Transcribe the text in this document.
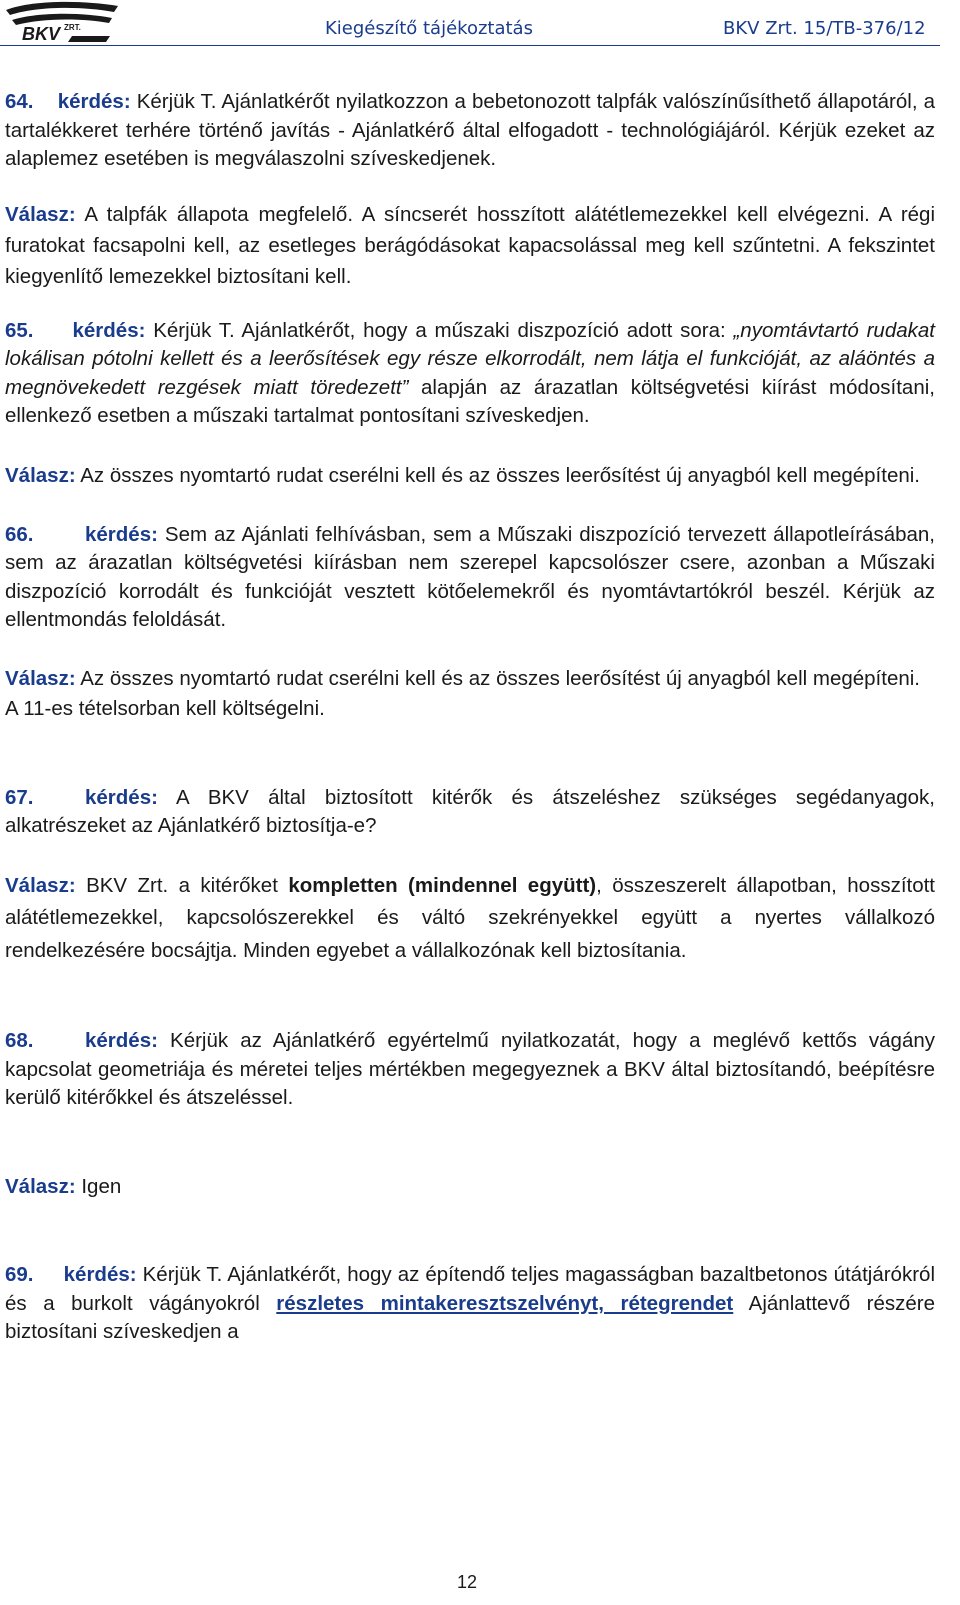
BKV ZRT.	Kiegészítő tájékoztatás	BKV Zrt. 15/TB-376/12

64. kérdés: Kérjük T. Ajánlatkérőt nyilatkozzon a bebetonozott talpfák valószínűsíthető állapotáról, a tartalékkeret terhére történő javítás - Ajánlatkérő által elfogadott - technológiájáról. Kérjük ezeket az alaplemez esetében is megválaszolni szíveskedjenek.

Válasz: A talpfák állapota megfelelő. A síncserét hosszított alátétlemezekkel kell elvégezni. A régi furatokat facsapolni kell, az esetleges berágódásokat kapacsolással meg kell szűntetni. A fekszintet kiegyenlítő lemezekkel biztosítani kell.

65. kérdés: Kérjük T. Ajánlatkérőt, hogy a műszaki diszpozíció adott sora: „nyomtávtartó rudakat lokálisan pótolni kellett és a leerősítések egy része elkorrodált, nem látja el funkcióját, az aláöntés a megnövekedett rezgések miatt töredezett” alapján az árazatlan költségvetési kiírást módosítani, ellenkező esetben a műszaki tartalmat pontosítani szíveskedjen.

Válasz: Az összes nyomtartó rudat cserélni kell és az összes leerősítést új anyagból kell megépíteni.

66.	kérdés: Sem az Ajánlati felhívásban, sem a Műszaki diszpozíció tervezett állapotleírásában, sem az árazatlan költségvetési kiírásban nem szerepel kapcsolószer csere, azonban a Műszaki diszpozíció korrodált és funkcióját vesztett kötőelemekről és nyomtávtartókról beszél. Kérjük az ellentmondás feloldását.

Válasz: Az összes nyomtartó rudat cserélni kell és az összes leerősítést új anyagból kell megépíteni. A 11-es tételsorban kell költségelni.

67.	kérdés: A BKV által biztosított kitérők és átszeléshez szükséges segédanyagok, alkatrészeket az Ajánlatkérő biztosítja-e?

Válasz: BKV Zrt. a kitérőket kompletten (mindennel együtt), összeszerelt állapotban, hosszított alátétlemezekkel, kapcsolószerekkel és váltó szekrényekkel együtt a nyertes vállalkozó rendelkezésére bocsájtja. Minden egyebet a vállalkozónak kell biztosítania.

68.	kérdés: Kérjük az Ajánlatkérő egyértelmű nyilatkozatát, hogy a meglévő kettős vágány kapcsolat geometriája és méretei teljes mértékben megegyeznek a BKV által biztosítandó, beépítésre kerülő kitérőkkel és átszeléssel.

Válasz: Igen

69. kérdés: Kérjük T. Ajánlatkérőt, hogy az építendő teljes magasságban bazaltbetonos útátjárókról és a burkolt vágányokról részletes mintakeresztszelvényt, rétegrendet Ajánlattevő részére biztosítani szíveskedjen a

12
